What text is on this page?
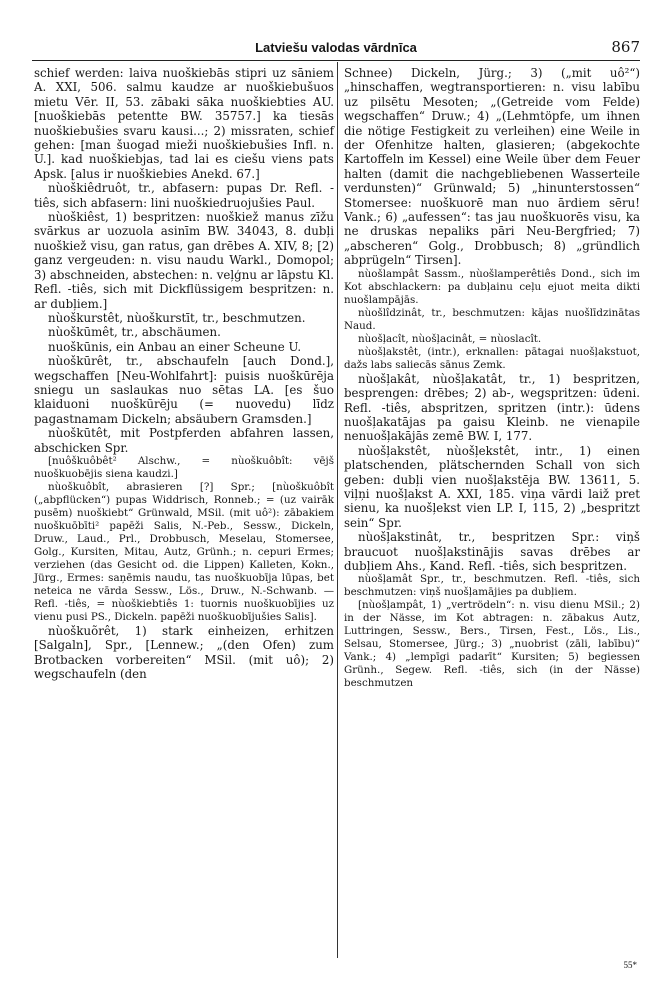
Latviešu valodas vārdnīca	867

schief werden: laiva nuoškiebās stipri uz sāniem A. XXI, 506. salmu kaudze ar nuoškiebušuos mietu Vēr. II, 53. zābaki sāka nuoškiebties AU. [nuoškiebās petentte BW. 35757.] ka tiesās nuoškiebušies svaru kausi...; 2) missraten, schief gehen: [man šuogad mieži nuoškiebušies Infl. n. U.]. kad nuoškiebjas, tad lai es ciešu viens pats Apsk. [alus ir nuoškiebies Anekd. 67.]

nùoškiêdruôt, tr., abfasern: pupas Dr. Refl. -tiês, sich abfasern: lini nuoškiedruojušies Paul.

nùoškiêst, 1) bespritzen: nuoškiež manus zīžu svārkus ar uozuola asinīm BW. 34043, 8. dubļi nuoškiež visu, gan ratus, gan drēbes A. XIV, 8; [2) ganz vergeuden: n. visu naudu Warkl., Domopol; 3) abschneiden, abstechen: n. veļģnu ar lāpstu Kl. Refl. -tiês, sich mit Dickflüssigem bespritzen: n. ar dubļiem.]

nùoškurstêt, nùoškurstīt, tr., beschmutzen.

nùoškūmêt, tr., abschäumen.

nuoškūnis, ein Anbau an einer Scheune U.

nùoškūrêt, tr., abschaufeln [auch Dond.], wegschaffen [Neu-Wohlfahrt]: puisis nuoškūrēja sniegu un saslaukas nuo sētas LA. [es šuo klaiduoni nuoškūrēju (= nuovedu) līdz pagastnamam Dickeln; absäubern Gramsden.]

nùoškūtêt, mit Postpferden abfahren lassen, abschicken Spr.

[nuôškuôbêt² Alschw., = nùoškuôbît: vējš nuoškuobējis siena kaudzi.]

nùoškuôbît, abrasieren [?] Spr.; [nùoškuôbît („abpflücken“) pupas Widdrisch, Ronneb.; = (uz vairāk pusēm) nuoškiebt“ Grünwald, MSil. (mit uô²): zābakiem nuoškuōbīti² papēži Salis, N.-Peb., Sessw., Dickeln, Druw., Laud., Prl., Drobbusch, Meselau, Stomersee, Golg., Kursiten, Mitau, Autz, Grünh.; n. cepuri Ermes; verziehen (das Gesicht od. die Lippen) Kalleten, Kokn., Jürg., Ermes: saņēmis naudu, tas nuoškuobīja lūpas, bet neteica ne vārda Sessw., Lös., Druw., N.-Schwanb. — Refl. -tiês, = nùoškiebtiês 1: tuornis nuoškuobījies uz vienu pusi PS., Dickeln. papēži nuoškuobījušies Salis].

nùoškuõrêt, 1) stark einheizen, erhitzen [Salgaln], Spr., [Lennew.; „(den Ofen) zum Brotbacken vorbereiten“ MSil. (mit uô); 2) wegschaufeln (den

Schnee) Dickeln, Jürg.; 3) („mit uô²“) „hinschaffen, wegtransportieren: n. visu labību uz pilsētu Mesoten; „(Getreide vom Felde) wegschaffen“ Druw.; 4) „(Lehmtöpfe, um ihnen die nötige Festigkeit zu verleihen) eine Weile in der Ofenhitze halten, glasieren; (abgekochte Kartoffeln im Kessel) eine Weile über dem Feuer halten (damit die nachgebliebenen Wasserteile verdunsten)“ Grünwald; 5) „hinunterstossen“ Stomersee: nuoškuorē man nuo ārdiem sēru! Vank.; 6) „aufessen“: tas jau nuoškuorēs visu, ka ne druskas nepaliks pāri Neu-Bergfried; 7) „abscheren“ Golg., Drobbusch; 8) „gründlich abprügeln“ Tirsen].

nùošlampât Sassm., nùošlamperêtiês Dond., sich im Kot abschlackern: pa dubļainu ceļu ejuot meita dikti nuošlampājās.

nùošlîdzinât, tr., beschmutzen: kājas nuošlīdzinātas Naud.

nùošļacît, nùošļacinât, = nùoslacît.

nùošļakstêt, (intr.), erknallen: pātagai nuošļakstuot, dažs labs saliecās sānus Zemk.

nùošļakât, nùošļakatât, tr., 1) bespritzen, besprengen: drēbes; 2) ab-, wegspritzen: ūdeni. Refl. -tiês, abspritzen, spritzen (intr.): ūdens nuošļakatājas pa gaisu Kleinb. ne vienapile nenuošļakājās zemē BW. I, 177.

nùošļakstêt, nùošļekstêt, intr., 1) einen platschenden, plätschernden Schall von sich geben: dubļi vien nuošļakstēja BW. 13611, 5. viļņi nuošļakst A. XXI, 185. viņa vārdi laiž pret sienu, ka nuošļekst vien LP. I, 115, 2) „bespritzt sein“ Spr.

nùošļakstinât, tr., bespritzen Spr.: viņš braucuot nuošļakstinājis savas drēbes ar dubļiem Ahs., Kand. Refl. -tiês, sich bespritzen.

nùošļamât Spr., tr., beschmutzen. Refl. -tiês, sich beschmutzen: viņš nuošļamājies pa dubļiem.

[nùošļampât, 1) „vertrödeln“: n. visu dienu MSil.; 2) in der Nässe, im Kot abtragen: n. zābakus Autz, Luttringen, Sessw., Bers., Tirsen, Fest., Lös., Lis., Selsau, Stomersee, Jürg.; 3) „nuobrist (zāli, labību)“ Vank.; 4) „lempīgi padarīt“ Kursiten; 5) begiessen Grünh., Segew. Refl. -tiês, sich (in der Nässe) beschmutzen

55*
